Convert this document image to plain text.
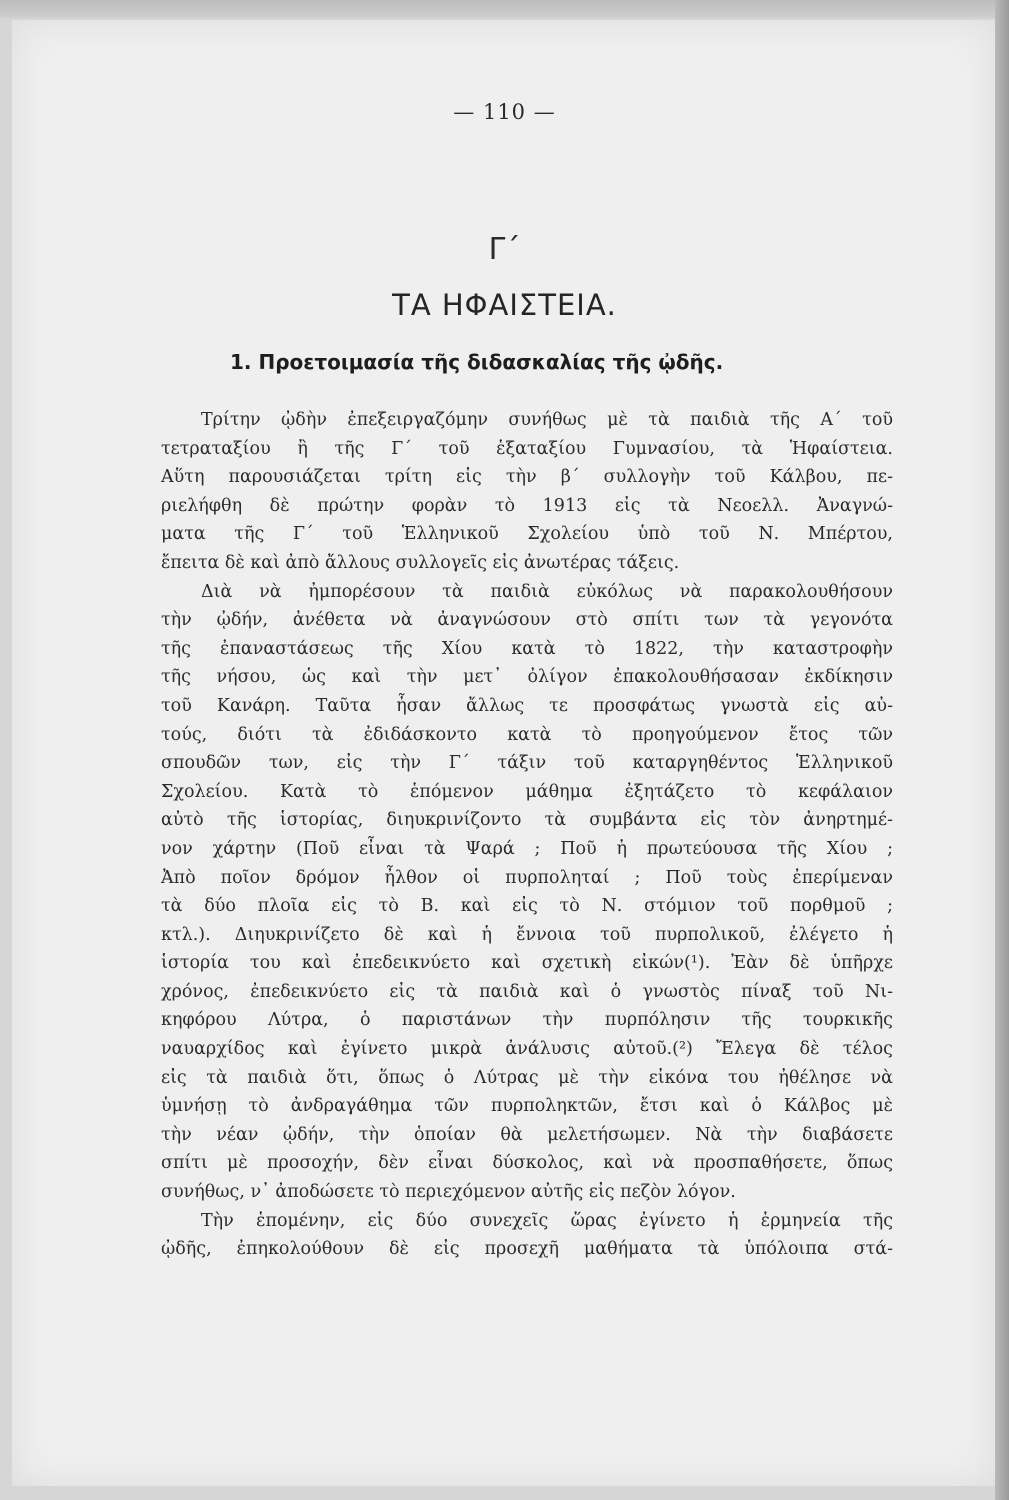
— 110 —
Γ΄
ΤΑ ΗΦΑΙΣΤΕΙΑ.
1. Προετοιμασία τῆς διδασκαλίας τῆς ᾠδῆς.
Τρίτην ᾠδὴν ἐπεξειργαζόμην συνήθως μὲ τὰ παιδιὰ τῆς Α΄ τοῦ
τετραταξίου ἢ τῆς Γ΄ τοῦ ἑξαταξίου Γυμνασίου, τὰ Ἡφαίστεια.
Αὕτη παρουσιάζεται τρίτη εἰς τὴν β΄ συλλογὴν τοῦ Κάλβου, πε-
ριελήφθη δὲ πρώτην φορὰν τὸ 1913 εἰς τὰ Νεοελλ. Ἀναγνώ-
ματα τῆς Γ΄ τοῦ Ἑλληνικοῦ Σχολείου ὑπὸ τοῦ Ν. Μπέρτου,
ἔπειτα δὲ καὶ ἀπὸ ἄλλους συλλογεῖς εἰς ἀνωτέρας τάξεις.
Διὰ νὰ ἠμπορέσουν τὰ παιδιὰ εὐκόλως νὰ παρακολουθήσουν
τὴν ᾠδήν, ἀνέθετα νὰ ἀναγνώσουν στὸ σπίτι των τὰ γεγονότα
τῆς ἐπαναστάσεως τῆς Χίου κατὰ τὸ 1822, τὴν καταστροφὴν
τῆς νήσου, ὡς καὶ τὴν μετ᾽ ὀλίγον ἐπακολουθήσασαν ἐκδίκησιν
τοῦ Κανάρη. Ταῦτα ἦσαν ἄλλως τε προσφάτως γνωστὰ εἰς αὐ-
τούς, διότι τὰ ἐδιδάσκοντο κατὰ τὸ προηγούμενον ἔτος τῶν
σπουδῶν των, εἰς τὴν Γ΄ τάξιν τοῦ καταργηθέντος Ἑλληνικοῦ
Σχολείου. Κατὰ τὸ ἑπόμενον μάθημα ἐξητάζετο τὸ κεφάλαιον
αὐτὸ τῆς ἱστορίας, διηυκρινίζοντο τὰ συμβάντα εἰς τὸν ἀνηρτημέ-
νον χάρτην (Ποῦ εἶναι τὰ Ψαρά ; Ποῦ ἡ πρωτεύουσα τῆς Χίου ;
Ἀπὸ ποῖον δρόμον ἦλθον οἱ πυρποληταί ; Ποῦ τοὺς ἐπερίμεναν
τὰ δύο πλοῖα εἰς τὸ Β. καὶ εἰς τὸ Ν. στόμιον τοῦ πορθμοῦ ;
κτλ.). Διηυκρινίζετο δὲ καὶ ἡ ἔννοια τοῦ πυρπολικοῦ, ἐλέγετο ἡ
ἱστορία του καὶ ἐπεδεικνύετο καὶ σχετικὴ εἰκών(¹). Ἐὰν δὲ ὑπῆρχε
χρόνος, ἐπεδεικνύετο εἰς τὰ παιδιὰ καὶ ὁ γνωστὸς πίναξ τοῦ Νι-
κηφόρου Λύτρα, ὁ παριστάνων τὴν πυρπόλησιν τῆς τουρκικῆς
ναυαρχίδος καὶ ἐγίνετο μικρὰ ἀνάλυσις αὐτοῦ.(²) Ἔλεγα δὲ τέλος
εἰς τὰ παιδιὰ ὅτι, ὅπως ὁ Λύτρας μὲ τὴν εἰκόνα του ἠθέλησε νὰ
ὑμνήσῃ τὸ ἀνδραγάθημα τῶν πυρποληκτῶν, ἔτσι καὶ ὁ Κάλβος μὲ
τὴν νέαν ᾠδήν, τὴν ὁποίαν θὰ μελετήσωμεν. Νὰ τὴν διαβάσετε
σπίτι μὲ προσοχήν, δὲν εἶναι δύσκολος, καὶ νὰ προσπαθήσετε, ὅπως
συνήθως, ν᾽ ἀποδώσετε τὸ περιεχόμενον αὐτῆς εἰς πεζὸν λόγον.
Τὴν ἑπομένην, εἰς δύο συνεχεῖς ὥρας ἐγίνετο ἡ ἑρμηνεία τῆς
ᾠδῆς, ἐπηκολούθουν δὲ εἰς προσεχῆ μαθήματα τὰ ὑπόλοιπα στά-
